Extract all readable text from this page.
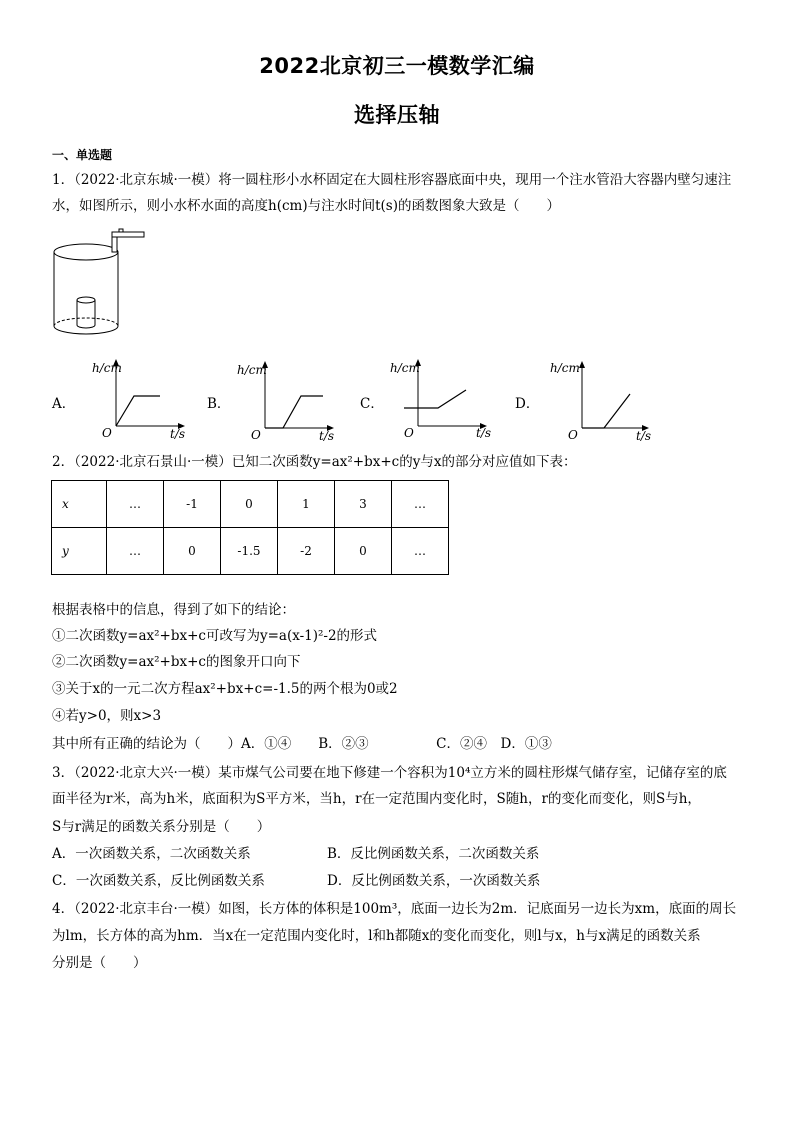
2022北京初三一模数学汇编
选择压轴
一、单选题
1．（2022·北京东城·一模）将一圆柱形小水杯固定在大圆柱形容器底面中央，现用一个注水管沿大容器内壁匀速注
水，如图所示，则小水杯水面的高度h(cm)与注水时间t(s)的函数图象大致是（　　）
A．
h/cm
O	t/s
B．
h/cm
O	t/s
C．
h/cm
O	t/s
D．
h/cm
O	t/s
2．（2022·北京石景山·一模）已知二次函数y=ax²+bx+c的y与x的部分对应值如下表：
x	…	-1	0	1	3	…
y	…	0	-1.5	-2	0	…
根据表格中的信息，得到了如下的结论：
①二次函数y=ax²+bx+c可改写为y=a(x-1)²-2的形式
②二次函数y=ax²+bx+c的图象开口向下
③关于x的一元二次方程ax²+bx+c=-1.5的两个根为0或2
④若y>0，则x>3
其中所有正确的结论为（　　）A．①④　　B．②③　　　　　C．②④　D．①③
3．（2022·北京大兴·一模）某市煤气公司要在地下修建一个容积为10⁴立方米的圆柱形煤气储存室，记储存室的底
面半径为r米，高为h米，底面积为S平方米，当h，r在一定范围内变化时，S随h，r的变化而变化，则S与h，
S与r满足的函数关系分别是（　　）
A．一次函数关系，二次函数关系	B．反比例函数关系，二次函数关系
C．一次函数关系，反比例函数关系	D．反比例函数关系，一次函数关系
4．（2022·北京丰台·一模）如图，长方体的体积是100m³，底面一边长为2m．记底面另一边长为xm，底面的周长
为lm，长方体的高为hm．当x在一定范围内变化时，l和h都随x的变化而变化，则l与x，h与x满足的函数关系
分别是（　　）
